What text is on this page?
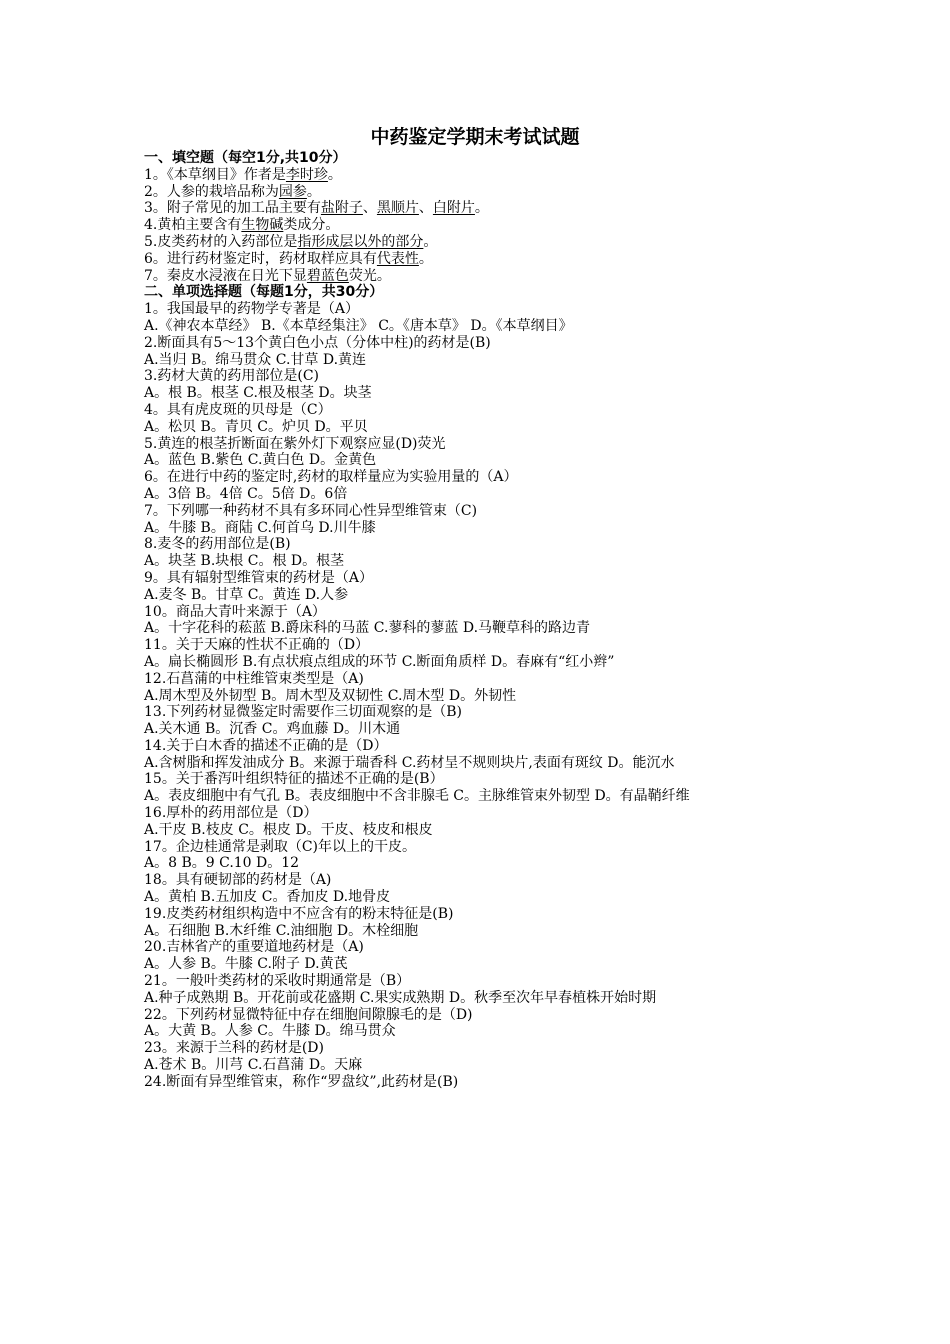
中药鉴定学期末考试试题
一、填空题（每空1分,共10分）
1。《本草纲目》作者是李时珍。
2。人参的栽培品称为园参。
3。附子常见的加工品主要有盐附子、黑顺片、白附片。
4.黄柏主要含有生物碱类成分。
5.皮类药材的入药部位是指形成层以外的部分。
6。进行药材鉴定时，药材取样应具有代表性。
7。秦皮水浸液在日光下显碧蓝色荧光。
二、单项选择题（每题1分，共30分）
1。我国最早的药物学专著是（A）
A.《神农本草经》 B.《本草经集注》 C。《唐本草》 D。《本草纲目》
2.断面具有5～13个黄白色小点（分体中柱)的药材是(B)
A.当归 B。绵马贯众 C.甘草 D.黄连
3.药材大黄的药用部位是(C)
A。根 B。根茎 C.根及根茎 D。块茎
4。具有虎皮斑的贝母是（C）
A。松贝 B。青贝 C。炉贝 D。平贝
5.黄连的根茎折断面在紫外灯下观察应显(D)荧光
A。蓝色 B.紫色 C.黄白色 D。金黄色
6。在进行中药的鉴定时,药材的取样量应为实验用量的（A）
A。3倍 B。4倍 C。5倍 D。6倍
7。下列哪一种药材不具有多环同心性异型维管束（C)
A。牛膝 B。商陆 C.何首乌 D.川牛膝
8.麦冬的药用部位是(B)
A。块茎 B.块根 C。根 D。根茎
9。具有辐射型维管束的药材是（A）
A.麦冬 B。甘草 C。黄连 D.人参
10。商品大青叶来源于（A）
A。十字花科的菘蓝 B.爵床科的马蓝 C.蓼科的蓼蓝 D.马鞭草科的路边青
11。关于天麻的性状不正确的（D）
A。扁长椭圆形 B.有点状痕点组成的环节 C.断面角质样 D。春麻有“红小辫”
12.石菖蒲的中柱维管束类型是（A)
A.周木型及外韧型 B。周木型及双韧性 C.周木型 D。外韧性
13.下列药材显微鉴定时需要作三切面观察的是（B)
A.关木通 B。沉香 C。鸡血藤 D。川木通
14.关于白木香的描述不正确的是（D）
A.含树脂和挥发油成分 B。来源于瑞香科 C.药材呈不规则块片,表面有斑纹 D。能沉水
15。关于番泻叶组织特征的描述不正确的是(B）
A。表皮细胞中有气孔 B。表皮细胞中不含非腺毛 C。主脉维管束外韧型 D。有晶鞘纤维
16.厚朴的药用部位是（D）
A.干皮 B.枝皮 C。根皮 D。干皮、枝皮和根皮
17。企边桂通常是剥取（C)年以上的干皮。
A。8 B。9 C.10 D。12
18。具有硬韧部的药材是（A)
A。黄柏 B.五加皮 C。香加皮 D.地骨皮
19.皮类药材组织构造中不应含有的粉末特征是(B)
A。石细胞 B.木纤维 C.油细胞 D。木栓细胞
20.吉林省产的重要道地药材是（A)
A。人参 B。牛膝 C.附子 D.黄芪
21。一般叶类药材的采收时期通常是（B）
A.种子成熟期 B。开花前或花盛期 C.果实成熟期 D。秋季至次年早春植株开始时期
22。下列药材显微特征中存在细胞间隙腺毛的是（D)
A。大黄 B。人参 C。牛膝 D。绵马贯众
23。来源于兰科的药材是(D)
A.苍术 B。川芎 C.石菖蒲 D。天麻
24.断面有异型维管束，称作“罗盘纹”,此药材是(B)
